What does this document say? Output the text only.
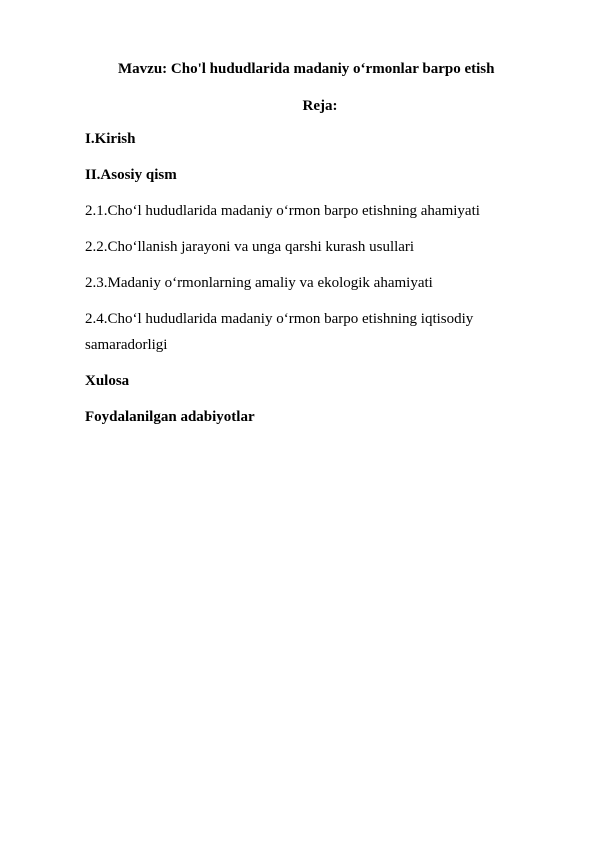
Mavzu: Cho'l hududlarida madaniy o‘rmonlar barpo etish
Reja:
I.Kirish
II.Asosiy qism
2.1.Cho‘l hududlarida madaniy o‘rmon barpo etishning ahamiyati
2.2.Cho‘llanish jarayoni va unga qarshi kurash usullari
2.3.Madaniy o‘rmonlarning amaliy va ekologik ahamiyati
2.4.Cho‘l hududlarida madaniy o‘rmon barpo etishning iqtisodiy
samaradorligi
Xulosa
Foydalanilgan adabiyotlar
